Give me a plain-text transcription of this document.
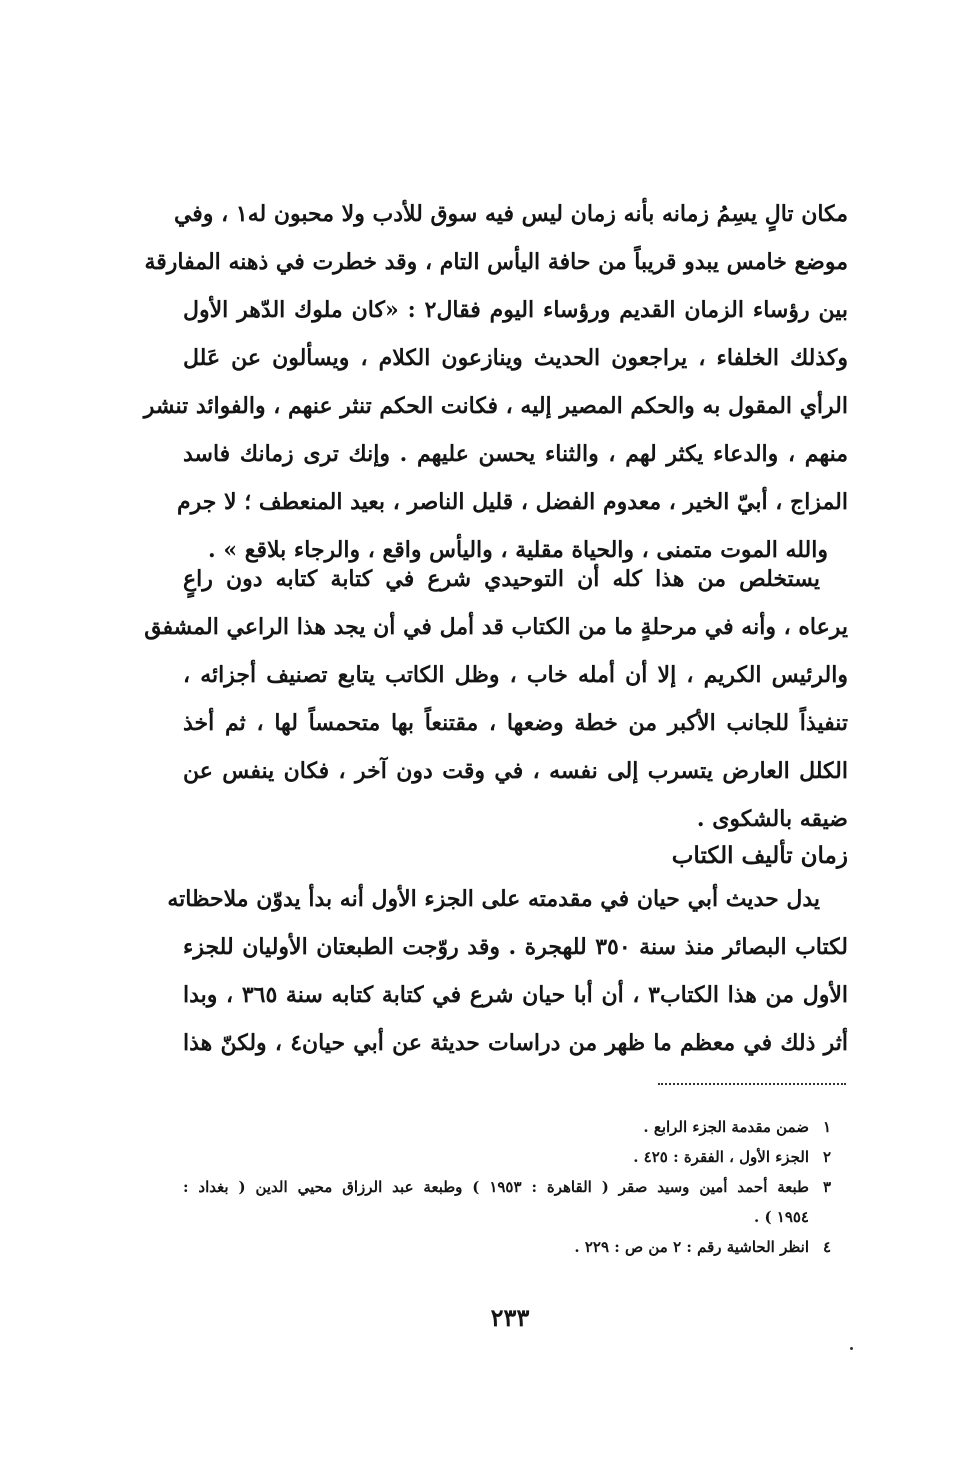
مكان تالٍ يسِمُ زمانه بأنه زمان ليس فيه سوق للأدب ولا محبون له١ ، وفي
موضع خامس يبدو قريباً من حافة اليأس التام ، وقد خطرت في ذهنه المفارقة
بين رؤساء الزمان القديم ورؤساء اليوم فقال٢ : «كان ملوك الدّهر الأول
وكذلك الخلفاء ، يراجعون الحديث وينازعون الكلام ، ويسألون عن عَلل
الرأي المقول به والحكم المصير إليه ، فكانت الحكم تنثر عنهم ، والفوائد تنشر
منهم ، والدعاء يكثر لهم ، والثناء يحسن عليهم . وإنك ترى زمانك فاسد
المزاج ، أبيّ الخير ، معدوم الفضل ، قليل الناصر ، بعيد المنعطف ؛ لا جرم
والله الموت متمنى ، والحياة مقلية ، واليأس واقع ، والرجاء بلاقع » .
يستخلص من هذا كله أن التوحيدي شرع في كتابة كتابه دون راعٍ
يرعاه ، وأنه في مرحلةٍ ما من الكتاب قد أمل في أن يجد هذا الراعي المشفق
والرئيس الكريم ، إلا أن أمله خاب ، وظل الكاتب يتابع تصنيف أجزائه ،
تنفيذاً للجانب الأكبر من خطة وضعها ، مقتنعاً بها متحمساً لها ، ثم أخذ
الكلل العارض يتسرب إلى نفسه ، في وقت دون آخر ، فكان ينفس عن
ضيقه بالشكوى .
زمان تأليف الكتاب
يدل حديث أبي حيان في مقدمته على الجزء الأول أنه بدأ يدوّن ملاحظاته
لكتاب البصائر منذ سنة ٣٥٠ للهجرة . وقد روّجت الطبعتان الأوليان للجزء
الأول من هذا الكتاب٣ ، أن أبا حيان شرع في كتابة كتابه سنة ٣٦٥ ، وبدا
أثر ذلك في معظم ما ظهر من دراسات حديثة عن أبي حيان٤ ، ولكنّ هذا
١
ضمن مقدمة الجزء الرابع .
٢
الجزء الأول ، الفقرة : ٤٢٥ .
٣
طبعة أحمد أمين وسيد صقر ( القاهرة : ١٩٥٣ ) وطبعة عبد الرزاق محيي الدين ( بغداد :
١٩٥٤ ) .
٤
انظر الحاشية رقم : ٢ من ص : ٢٢٩ .
٢٣٣
